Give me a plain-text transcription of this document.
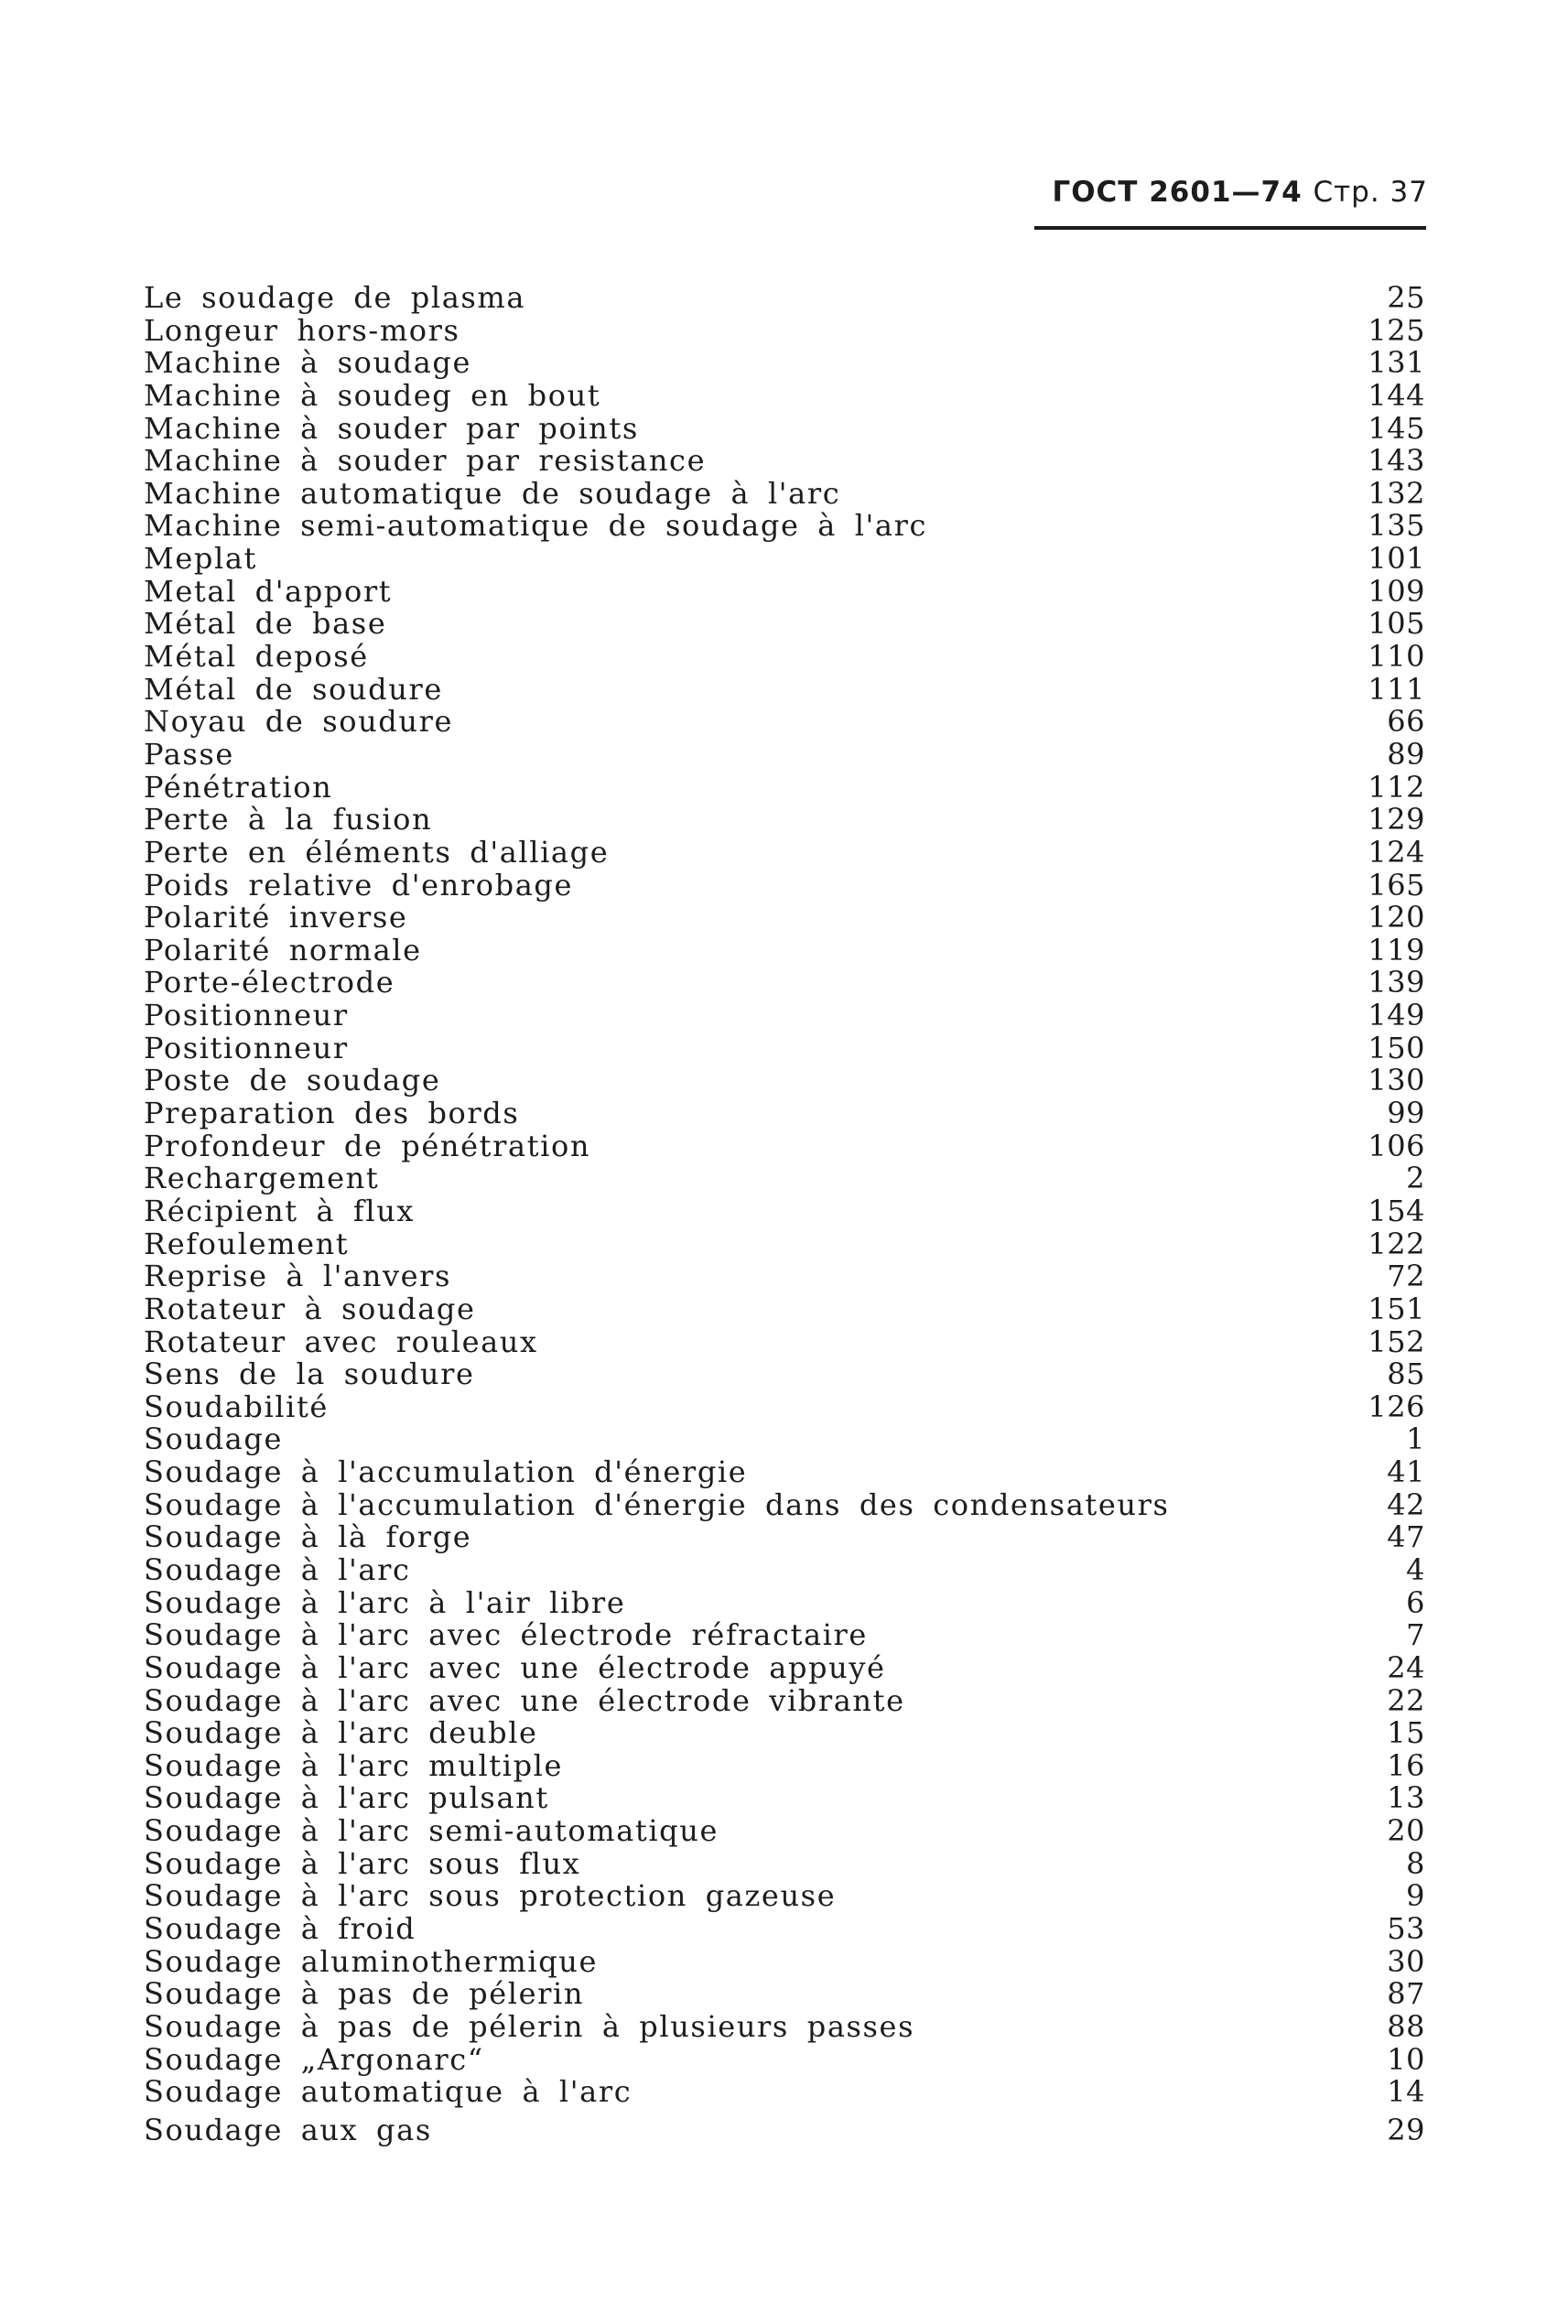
ГОСТ 2601—74 Стр. 37
Le soudage de plasma	25
Longeur hors-mors	125
Machine à soudage	131
Machine à soudeg en bout	144
Machine à souder par points	145
Machine à souder par resistance	143
Machine automatique de soudage à l'arc	132
Machine semi-automatique de soudage à l'arc	135
Meplat	101
Metal d'apport	109
Métal de base	105
Métal deposé	110
Métal de soudure	111
Noyau de soudure	66
Passe	89
Pénétration	112
Perte à la fusion	129
Perte en éléments d'alliage	124
Poids relative d'enrobage	165
Polarité inverse	120
Polarité normale	119
Porte-électrode	139
Positionneur	149
Positionneur	150
Poste de soudage	130
Preparation des bords	99
Profondeur de pénétration	106
Rechargement	2
Récipient à flux	154
Refoulement	122
Reprise à l'anvers	72
Rotateur à soudage	151
Rotateur avec rouleaux	152
Sens de la soudure	85
Soudabilité	126
Soudage	1
Soudage à l'accumulation d'énergie	41
Soudage à l'accumulation d'énergie dans des condensateurs	42
Soudage à là forge	47
Soudage à l'arc	4
Soudage à l'arc à l'air libre	6
Soudage à l'arc avec électrode réfractaire	7
Soudage à l'arc avec une électrode appuyé	24
Soudage à l'arc avec une électrode vibrante	22
Soudage à l'arc deuble	15
Soudage à l'arc multiple	16
Soudage à l'arc pulsant	13
Soudage à l'arc semi-automatique	20
Soudage à l'arc sous flux	8
Soudage à l'arc sous protection gazeuse	9
Soudage à froid	53
Soudage aluminothermique	30
Soudage à pas de pélerin	87
Soudage à pas de pélerin à plusieurs passes	88
Soudage „Argonarc“	10
Soudage automatique à l'arc	14
Soudage aux gas	29
